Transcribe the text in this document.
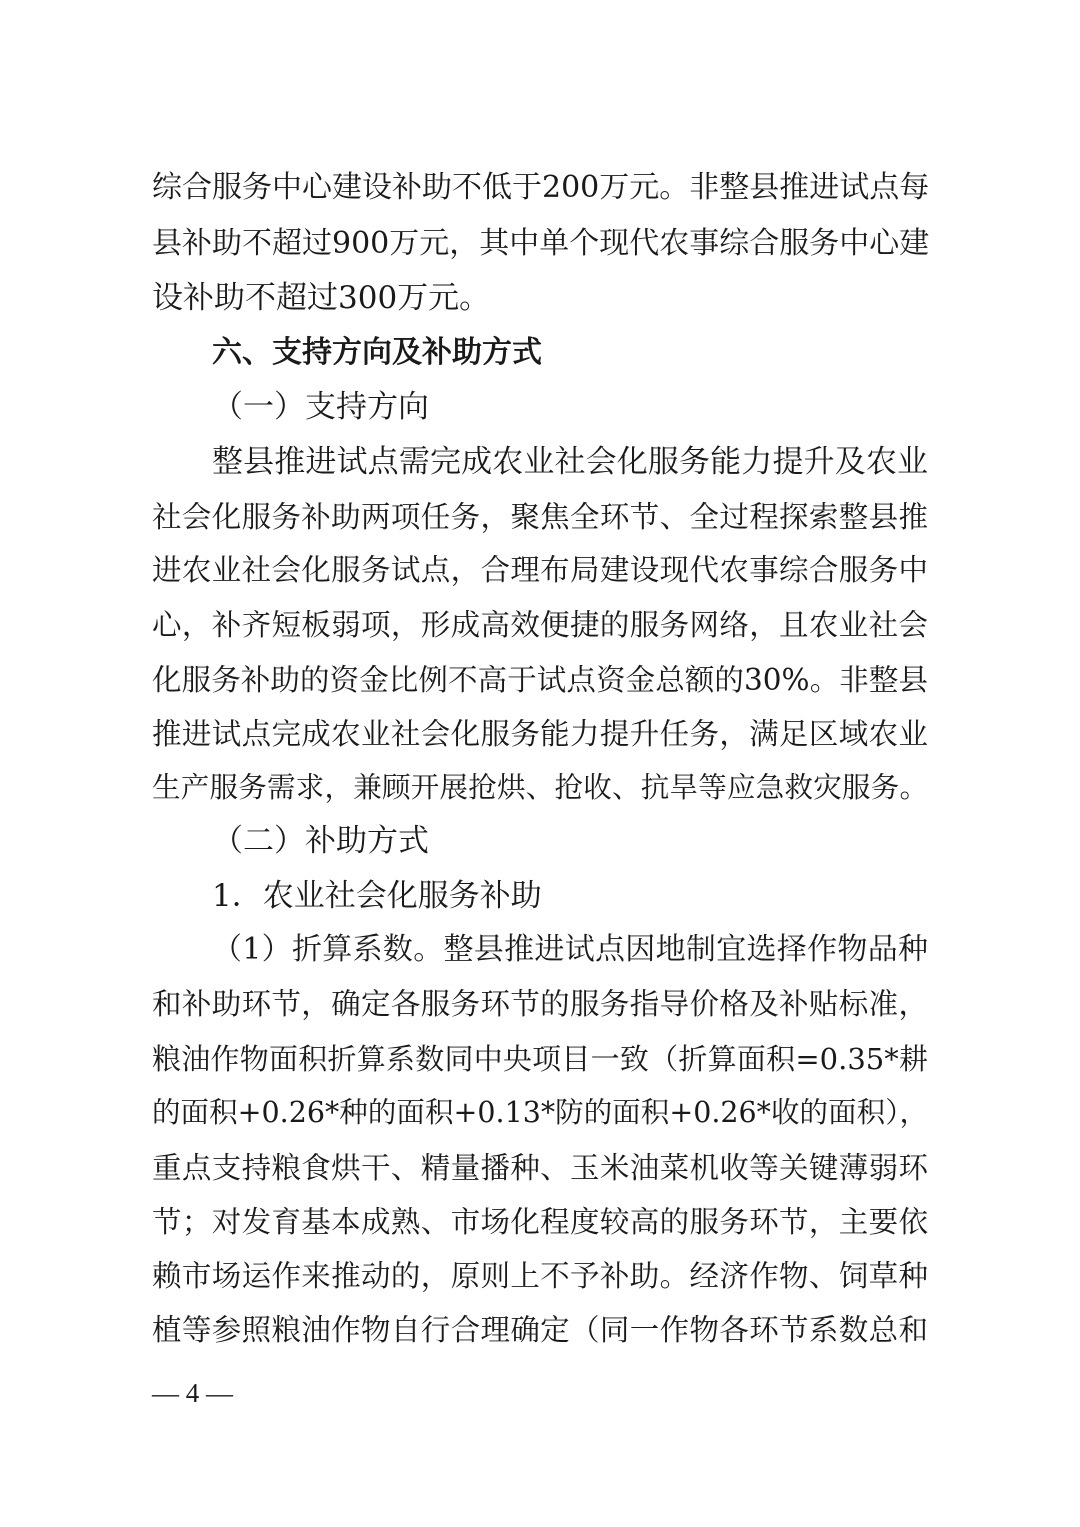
综合服务中心建设补助不低于200万元。非整县推进试点每
县补助不超过900万元，其中单个现代农事综合服务中心建
设补助不超过300万元。
六、支持方向及补助方式
（一）支持方向
整县推进试点需完成农业社会化服务能力提升及农业
社会化服务补助两项任务，聚焦全环节、全过程探索整县推
进农业社会化服务试点，合理布局建设现代农事综合服务中
心，补齐短板弱项，形成高效便捷的服务网络，且农业社会
化服务补助的资金比例不高于试点资金总额的30%。非整县
推进试点完成农业社会化服务能力提升任务，满足区域农业
生产服务需求，兼顾开展抢烘、抢收、抗旱等应急救灾服务。
（二）补助方式
1．农业社会化服务补助
（1）折算系数。整县推进试点因地制宜选择作物品种
和补助环节，确定各服务环节的服务指导价格及补贴标准，
粮油作物面积折算系数同中央项目一致（折算面积=0.35*耕
的面积+0.26*种的面积+0.13*防的面积+0.26*收的面积），
重点支持粮食烘干、精量播种、玉米油菜机收等关键薄弱环
节；对发育基本成熟、市场化程度较高的服务环节，主要依
赖市场运作来推动的，原则上不予补助。经济作物、饲草种
植等参照粮油作物自行合理确定（同一作物各环节系数总和
— 4 —
